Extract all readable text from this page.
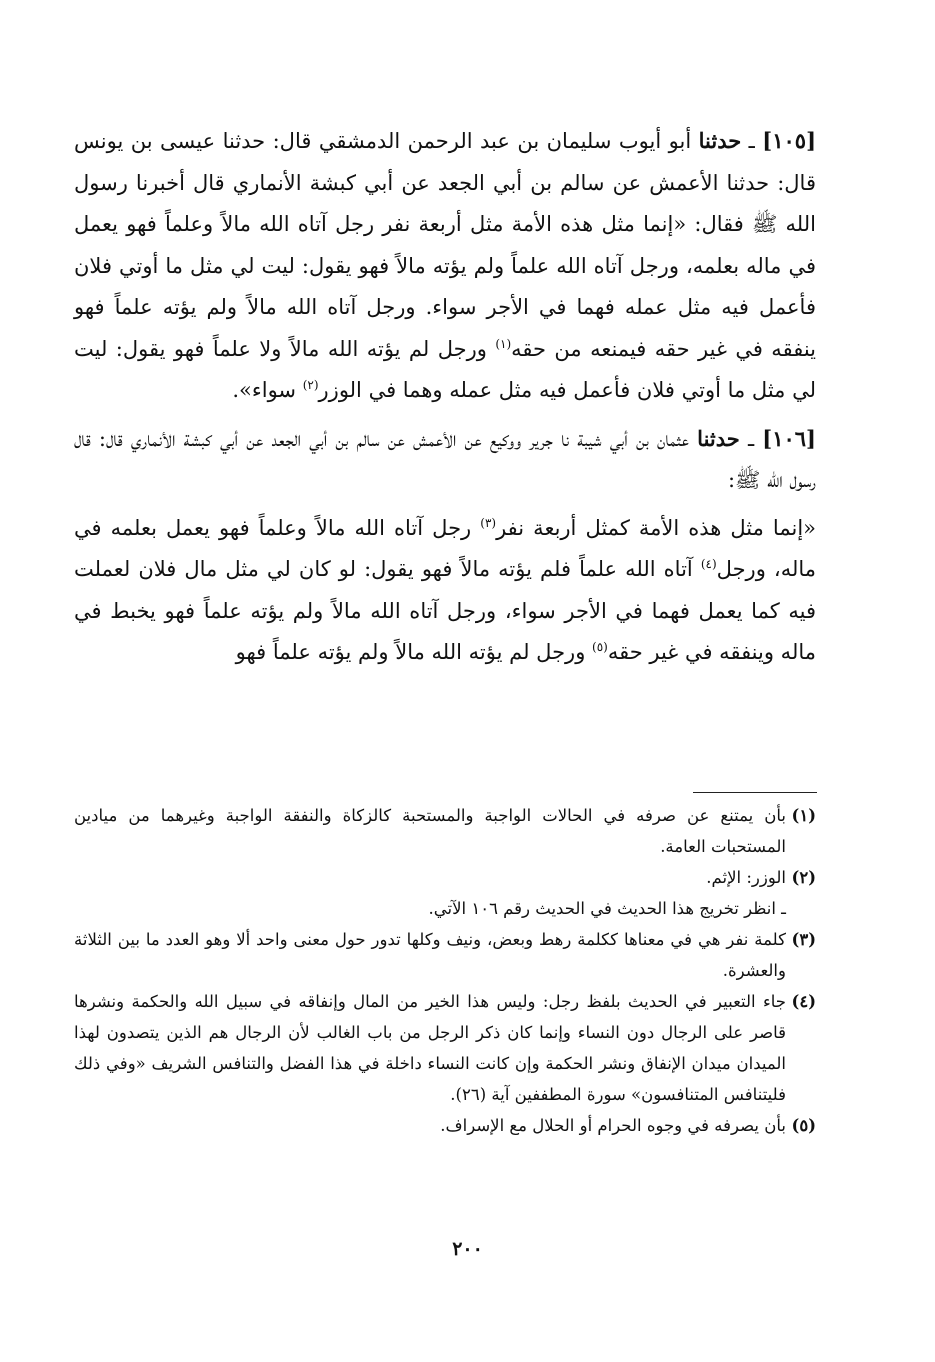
[١٠٥] ـ حدثنا أبو أيوب سليمان بن عبد الرحمن الدمشقي قال: حدثنا عيسى بن يونس قال: حدثنا الأعمش عن سالم بن أبي الجعد عن أبي كبشة الأنماري قال أخبرنا رسول الله ﷺ فقال: «إنما مثل هذه الأمة مثل أربعة نفر رجل آتاه الله مالاً وعلماً فهو يعمل في ماله بعلمه، ورجل آتاه الله علماً ولم يؤته مالاً فهو يقول: ليت لي مثل ما أوتي فلان فأعمل فيه مثل عمله فهما في الأجر سواء. ورجل آتاه الله مالاً ولم يؤته علماً فهو ينفقه في غير حقه فيمنعه من حقه$^{(١)}$ ورجل لم يؤته الله مالاً ولا علماً فهو يقول: ليت لي مثل ما أوتي فلان فأعمل فيه مثل عمله وهما في الوزر$^{(٢)}$ سواء».

[١٠٦] ـ حدثنا عثمان بن أبي شيبة نا جرير ووكيع عن الأعمش عن سالم بن أبي الجعد عن أبي كبشة الأنماري قال: قال رسول الله ﷺ:

«إنما مثل هذه الأمة كمثل أربعة نفر$^{(٣)}$ رجل آتاه الله مالاً وعلماً فهو يعمل بعلمه في ماله، ورجل$^{(٤)}$ آتاه الله علماً فلم يؤته مالاً فهو يقول: لو كان لي مثل مال فلان لعملت فيه كما يعمل فهما في الأجر سواء، ورجل آتاه الله مالاً ولم يؤته علماً فهو يخبط في ماله وينفقه في غير حقه$^{(٥)}$ ورجل لم يؤته الله مالاً ولم يؤته علماً فهو

(١)
بأن يمتنع عن صرفه في الحالات الواجبة والمستحبة كالزكاة والنفقة الواجبة وغيرهما من ميادين المستحبات العامة.
(٢)
الوزر: الإثم.
ـ انظر تخريج هذا الحديث في الحديث رقم ١٠٦ الآتي.
(٣)
كلمة نفر هي في معناها ككلمة رهط وبعض، ونيف وكلها تدور حول معنى واحد ألا وهو العدد ما بين الثلاثة والعشرة.
(٤)
جاء التعبير في الحديث بلفظ رجل: وليس هذا الخير من المال وإنفاقه في سبيل الله والحكمة ونشرها قاصر على الرجال دون النساء وإنما كان ذكر الرجل من باب الغالب لأن الرجال هم الذين يتصدون لهذا الميدان ميدان الإنفاق ونشر الحكمة وإن كانت النساء داخلة في هذا الفضل والتنافس الشريف «وفي ذلك فليتنافس المتنافسون» سورة المطففين آية (٢٦).
(٥)
بأن يصرفه في وجوه الحرام أو الحلال مع الإسراف.
٢٠٠
